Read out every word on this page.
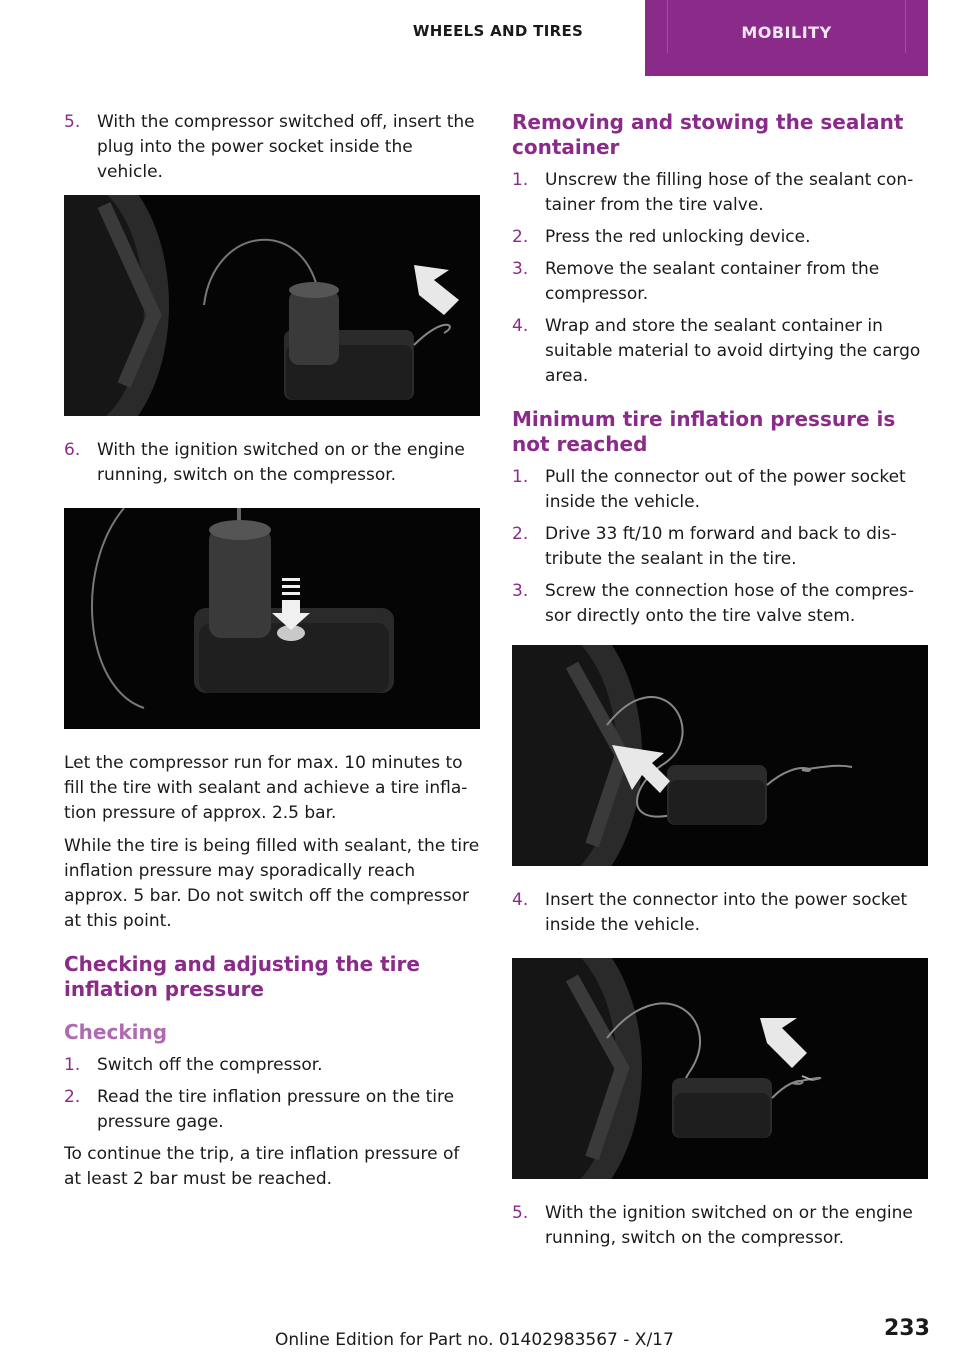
WHEELS AND TIRES	MOBILITY
5. With the compressor switched off, insert the plug into the power socket inside the vehicle.
6. With the ignition switched on or the engine running, switch on the compressor.

Let the compressor run for max. 10 minutes to fill the tire with sealant and achieve a tire infla‐ tion pressure of approx. 2.5 bar.

While the tire is being filled with sealant, the tire inflation pressure may sporadically reach approx. 5 bar. Do not switch off the compressor at this point.

Checking and adjusting the tire inflation pressure
Checking
1. Switch off the compressor.
2. Read the tire inflation pressure on the tire pressure gage.

To continue the trip, a tire inflation pressure of at least 2 bar must be reached.

Removing and stowing the sealant container
1. Unscrew the filling hose of the sealant con‐ tainer from the tire valve.
2. Press the red unlocking device.
3. Remove the sealant container from the compressor.
4. Wrap and store the sealant container in suitable material to avoid dirtying the cargo area.
Minimum tire inflation pressure is not reached
1. Pull the connector out of the power socket inside the vehicle.
2. Drive 33 ft/10 m forward and back to dis‐ tribute the sealant in the tire.
3. Screw the connection hose of the compres‐ sor directly onto the tire valve stem.
4. Insert the connector into the power socket inside the vehicle.
5. With the ignition switched on or the engine running, switch on the compressor.
Online Edition for Part no. 01402983567 - X/17	233
